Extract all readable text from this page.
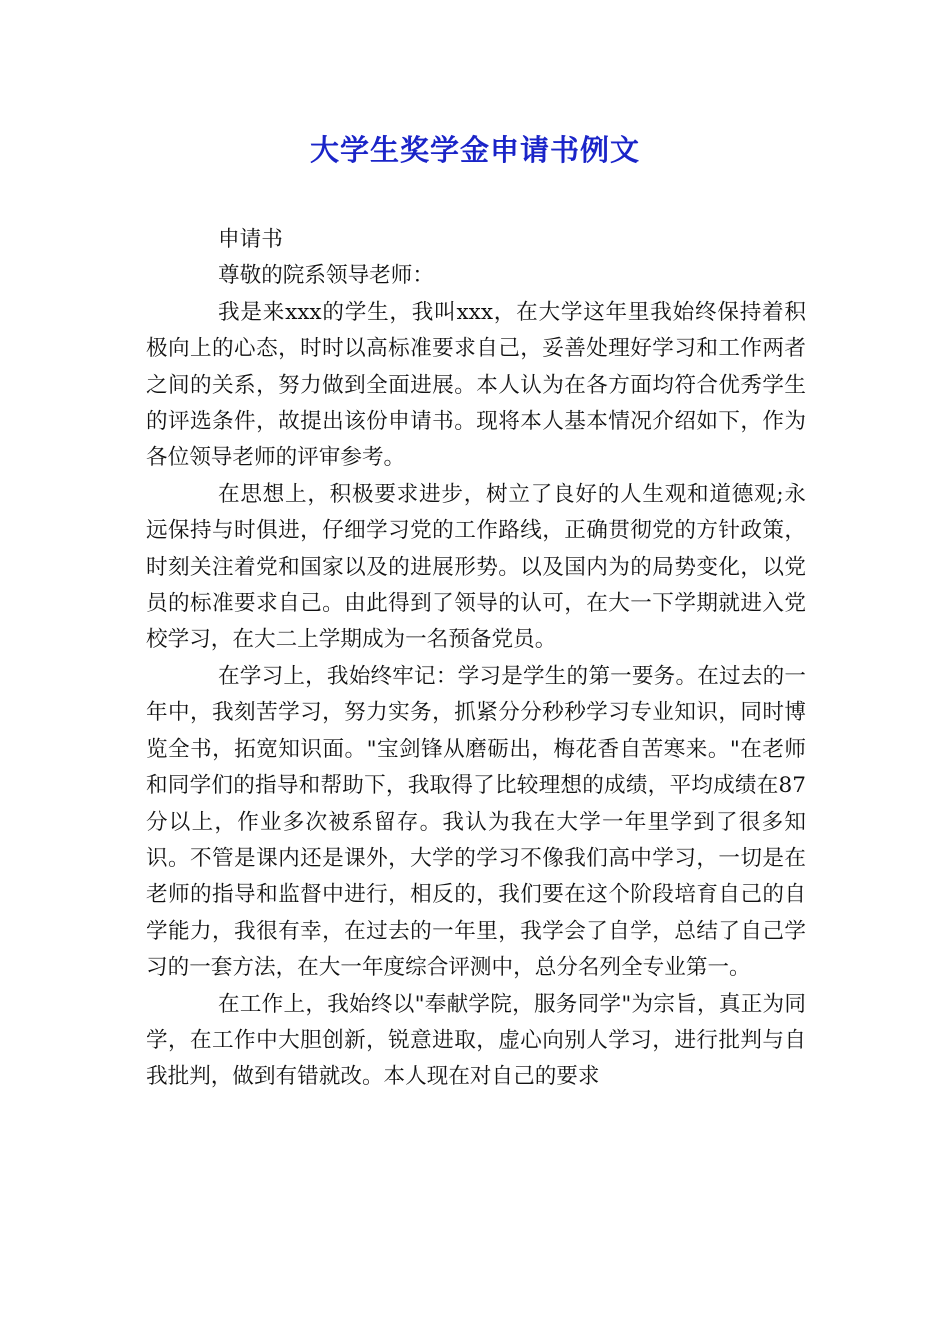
大学生奖学金申请书例文

申请书

尊敬的院系领导老师：

我是来xxx的学生，我叫xxx，在大学这年里我始终保持着积极向上的心态，时时以高标准要求自己，妥善处理好学习和工作两者之间的关系，努力做到全面进展。本人认为在各方面均符合优秀学生的评选条件，故提出该份申请书。现将本人基本情况介绍如下，作为各位领导老师的评审参考。

在思想上，积极要求进步，树立了良好的人生观和道德观;永远保持与时俱进，仔细学习党的工作路线，正确贯彻党的方针政策，时刻关注着党和国家以及的进展形势。以及国内为的局势变化，以党员的标准要求自己。由此得到了领导的认可，在大一下学期就进入党校学习，在大二上学期成为一名预备党员。

在学习上，我始终牢记：学习是学生的第一要务。在过去的一年中，我刻苦学习，努力实务，抓紧分分秒秒学习专业知识，同时博览全书，拓宽知识面。"宝剑锋从磨砺出，梅花香自苦寒来。"在老师和同学们的指导和帮助下，我取得了比较理想的成绩，平均成绩在87分以上，作业多次被系留存。我认为我在大学一年里学到了很多知识。不管是课内还是课外，大学的学习不像我们高中学习，一切是在老师的指导和监督中进行，相反的，我们要在这个阶段培育自己的自学能力，我很有幸，在过去的一年里，我学会了自学，总结了自己学习的一套方法，在大一年度综合评测中，总分名列全专业第一。

在工作上，我始终以"奉献学院，服务同学"为宗旨，真正为同学，在工作中大胆创新，锐意进取，虚心向别人学习，进行批判与自我批判，做到有错就改。本人现在对自己的要求
